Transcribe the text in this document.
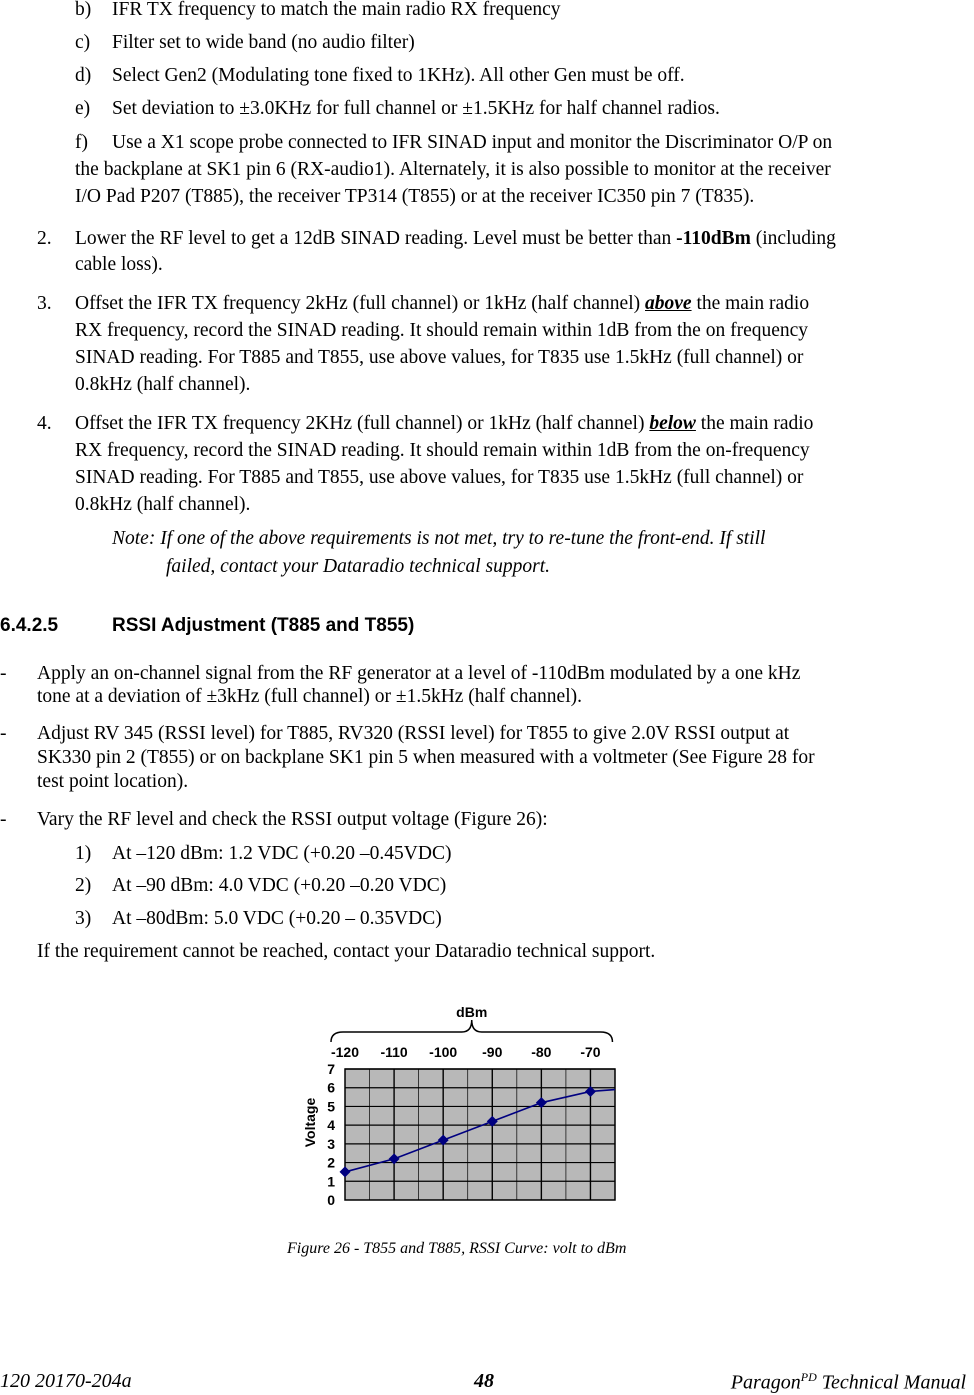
b) IFR TX frequency to match the main radio RX frequency
c) Filter set to wide band (no audio filter)
d) Select Gen2 (Modulating tone fixed to 1KHz). All other Gen must be off.
e) Set deviation to ±3.0KHz for full channel or ±1.5KHz for half channel radios.
f) Use a X1 scope probe connected to IFR SINAD input and monitor the Discriminator O/P on
the backplane at SK1 pin 6 (RX-audio1). Alternately, it is also possible to monitor at the receiver
I/O Pad P207 (T885), the receiver TP314 (T855) or at the receiver IC350 pin 7 (T835).
2. Lower the RF level to get a 12dB SINAD reading. Level must be better than -110dBm (including
cable loss).
3. Offset the IFR TX frequency 2kHz (full channel) or 1kHz (half channel) above the main radio
RX frequency, record the SINAD reading. It should remain within 1dB from the on frequency
SINAD reading. For T885 and T855, use above values, for T835 use 1.5kHz (full channel) or
0.8kHz (half channel).
4. Offset the IFR TX frequency 2KHz (full channel) or 1kHz (half channel) below the main radio
RX frequency, record the SINAD reading. It should remain within 1dB from the on-frequency
SINAD reading. For T885 and T855, use above values, for T835 use 1.5kHz (full channel) or
0.8kHz (half channel).
Note: If one of the above requirements is not met, try to re-tune the front-end. If still
failed, contact your Dataradio technical support.
6.4.2.5	RSSI Adjustment (T885 and T855)
- Apply an on-channel signal from the RF generator at a level of -110dBm modulated by a one kHz
tone at a deviation of ±3kHz (full channel) or ±1.5kHz (half channel).
- Adjust RV 345 (RSSI level) for T885, RV320 (RSSI level) for T855 to give 2.0V RSSI output at
SK330 pin 2 (T855) or on backplane SK1 pin 5 when measured with a voltmeter (See Figure 28 for
test point location).
- Vary the RF level and check the RSSI output voltage (Figure 26):
1) At –120 dBm: 1.2 VDC (+0.20 –0.45VDC)
2) At –90 dBm: 4.0 VDC (+0.20 –0.20 VDC)
3) At –80dBm: 5.0 VDC (+0.20 – 0.35VDC)
If the requirement cannot be reached, contact your Dataradio technical support.
-120 -110 -100 -90 -80 -70
7
6
5
4
3
2
1
0
dBm
Voltage
Figure 26 - T855 and T885, RSSI Curve: volt to dBm
120 20170-204a	48	Paragon$^{PD}$ Technical Manual
